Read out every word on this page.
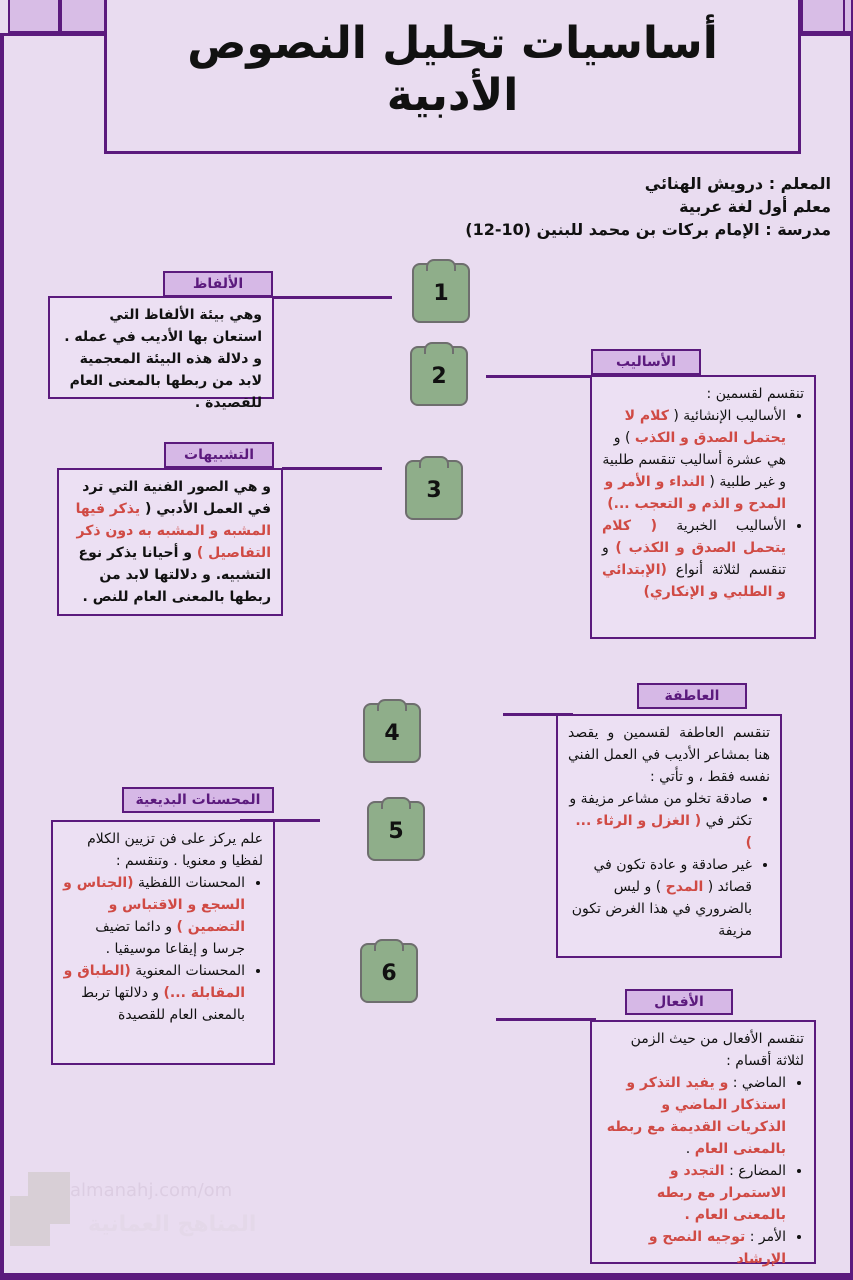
أساسيات تحليل النصوص
الأدبية
المعلم : درويش الهنائي
معلم أول لغة عربية
مدرسة : الإمام بركات بن محمد للبنين (10-12)
1
2
3
4
5
6
الألفاظ

وهي بيئة الألفاظ التي استعان بها الأديب في عمله . و دلالة هذه البيئة المعجمية لابد من ربطها بالمعنى العام للقصيدة .

الأساليب

تنقسم لقسمين :

• الأساليب الإنشائية ( كلام لا يحتمل الصدق و الكذب ) و هي عشرة أساليب تنقسم طلبية و غير طلبية ( النداء و الأمر و المدح و الذم و التعجب ...)
• الأساليب الخبرية ( كلام يتحمل الصدق و الكذب ) و تنقسم لثلاثة أنواع (الإبتدائي و الطلبي و الإنكاري)
التشبيهات

و هي الصور الفنية التي ترد في العمل الأدبي ( يذكر فيها المشبه و المشبه به دون ذكر التفاصيل ) و أحيانا يذكر نوع التشبيه. و دلالتها لابد من ربطها بالمعنى العام للنص .

العاطفة

تنقسم العاطفة لقسمين و يقصد هنا بمشاعر الأديب في العمل الفني نفسه فقط ، و تأتي :

• صادقة تخلو من مشاعر مزيفة و تكثر في ( الغزل و الرثاء ... )
• غير صادقة و عادة تكون في قصائد ( المدح ) و ليس بالضروري في هذا الغرض تكون مزيفة
المحسنات البديعية

علم يركز على فن تزيين الكلام لفظيا و معنويا . وتنقسم :

• المحسنات اللفظية (الجناس و السجع و الاقتباس و التضمين ) و دائما تضيف جرسا و إيقاعا موسيقيا .
• المحسنات المعنوية (الطباق و المقابلة ...) و دلالتها تربط بالمعنى العام للقصيدة
الأفعال

تنقسم الأفعال من حيث الزمن لثلاثة أقسام :

• الماضي : و يفيد التذكر و استذكار الماضي و الذكريات القديمة مع ربطه بالمعنى العام .
• المضارع : التجدد و الاستمرار مع ربطه بالمعنى العام .
• الأمر : توجيه النصح و الإرشاد
almanahj.com/om
المناهج العمانية
